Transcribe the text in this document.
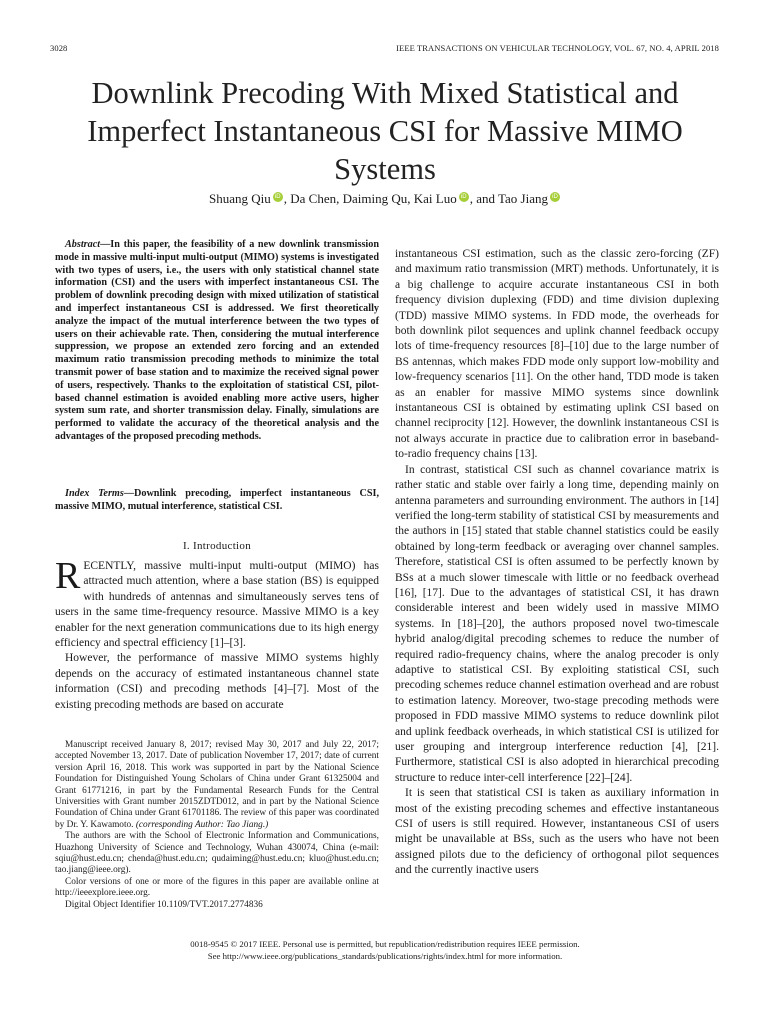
3028	IEEE TRANSACTIONS ON VEHICULAR TECHNOLOGY, VOL. 67, NO. 4, APRIL 2018
Downlink Precoding With Mixed Statistical and Imperfect Instantaneous CSI for Massive MIMO Systems
Shuang Qiu iD , Da Chen, Daiming Qu, Kai Luo iD , and Tao Jiang iD

Abstract—In this paper, the feasibility of a new downlink transmission mode in massive multi-input multi-output (MIMO) systems is investigated with two types of users, i.e., the users with only statistical channel state information (CSI) and the users with imperfect instantaneous CSI. The problem of downlink precoding design with mixed utilization of statistical and imperfect instantaneous CSI is addressed. We first theoretically analyze the impact of the mutual interference between the two types of users on their achievable rate. Then, considering the mutual interference suppression, we propose an extended zero forcing and an extended maximum ratio transmission precoding methods to minimize the total transmit power of base station and to maximize the received signal power of users, respectively. Thanks to the exploitation of statistical CSI, pilot-based channel estimation is avoided enabling more active users, higher system sum rate, and shorter transmission delay. Finally, simulations are performed to validate the accuracy of the theoretical analysis and the advantages of the proposed precoding methods.

Index Terms—Downlink precoding, imperfect instantaneous CSI, massive MIMO, mutual interference, statistical CSI.
I. Introduction

RECENTLY, massive multi-input multi-output (MIMO) has attracted much attention, where a base station (BS) is equipped with hundreds of antennas and simultaneously serves tens of users in the same time-frequency resource. Massive MIMO is a key enabler for the next generation communications due to its high energy efficiency and spectral efficiency [1]–[3].

However, the performance of massive MIMO systems highly depends on the accuracy of estimated instantaneous channel state information (CSI) and precoding methods [4]–[7]. Most of the existing precoding methods are based on accurate

Manuscript received January 8, 2017; revised May 30, 2017 and July 22, 2017; accepted November 13, 2017. Date of publication November 17, 2017; date of current version April 16, 2018. This work was supported in part by the National Science Foundation for Distinguished Young Scholars of China under Grant 61325004 and Grant 61771216, in part by the Fundamental Research Funds for the Central Universities with Grant number 2015ZDTD012, and in part by the National Science Foundation of China under Grant 61701186. The review of this paper was coordinated by Dr. Y. Kawamoto. (corresponding Author: Tao Jiang.)

The authors are with the School of Electronic Information and Communications, Huazhong University of Science and Technology, Wuhan 430074, China (e-mail: sqiu@hust.edu.cn; chenda@hust.edu.cn; qudaiming@hust.edu.cn; kluo@hust.edu.cn; tao.jiang@ieee.org).

Color versions of one or more of the figures in this paper are available online at http://ieeexplore.ieee.org.

Digital Object Identifier 10.1109/TVT.2017.2774836

instantaneous CSI estimation, such as the classic zero-forcing (ZF) and maximum ratio transmission (MRT) methods. Unfortunately, it is a big challenge to acquire accurate instantaneous CSI in both frequency division duplexing (FDD) and time division duplexing (TDD) massive MIMO systems. In FDD mode, the overheads for both downlink pilot sequences and uplink channel feedback occupy lots of time-frequency resources [8]–[10] due to the large number of BS antennas, which makes FDD mode only support low-mobility and low-frequency scenarios [11]. On the other hand, TDD mode is taken as an enabler for massive MIMO systems since downlink instantaneous CSI is obtained by estimating uplink CSI based on channel reciprocity [12]. However, the downlink instantaneous CSI is not always accurate in practice due to calibration error in baseband-to-radio frequency chains [13].

In contrast, statistical CSI such as channel covariance matrix is rather static and stable over fairly a long time, depending mainly on antenna parameters and surrounding environment. The authors in [14] verified the long-term stability of statistical CSI by measurements and the authors in [15] stated that stable channel statistics could be easily obtained by long-term feedback or averaging over channel samples. Therefore, statistical CSI is often assumed to be perfectly known by BSs at a much slower timescale with little or no feedback overhead [16], [17]. Due to the advantages of statistical CSI, it has drawn considerable interest and been widely used in massive MIMO systems. In [18]–[20], the authors proposed novel two-timescale hybrid analog/digital precoding schemes to reduce the number of required radio-frequency chains, where the analog precoder is only adaptive to statistical CSI. By exploiting statistical CSI, such precoding schemes reduce channel estimation overhead and are robust to estimation latency. Moreover, two-stage precoding methods were proposed in FDD massive MIMO systems to reduce downlink pilot and uplink feedback overheads, in which statistical CSI is utilized for user grouping and intergroup interference reduction [4], [21]. Furthermore, statistical CSI is also adopted in hierarchical precoding structure to reduce inter-cell interference [22]–[24].

It is seen that statistical CSI is taken as auxiliary information in most of the existing precoding schemes and effective instantaneous CSI of users is still required. However, instantaneous CSI of users might be unavailable at BSs, such as the users who have not been assigned pilots due to the deficiency of orthogonal pilot sequences and the currently inactive users

0018-9545 © 2017 IEEE. Personal use is permitted, but republication/redistribution requires IEEE permission.
See http://www.ieee.org/publications_standards/publications/rights/index.html for more information.
